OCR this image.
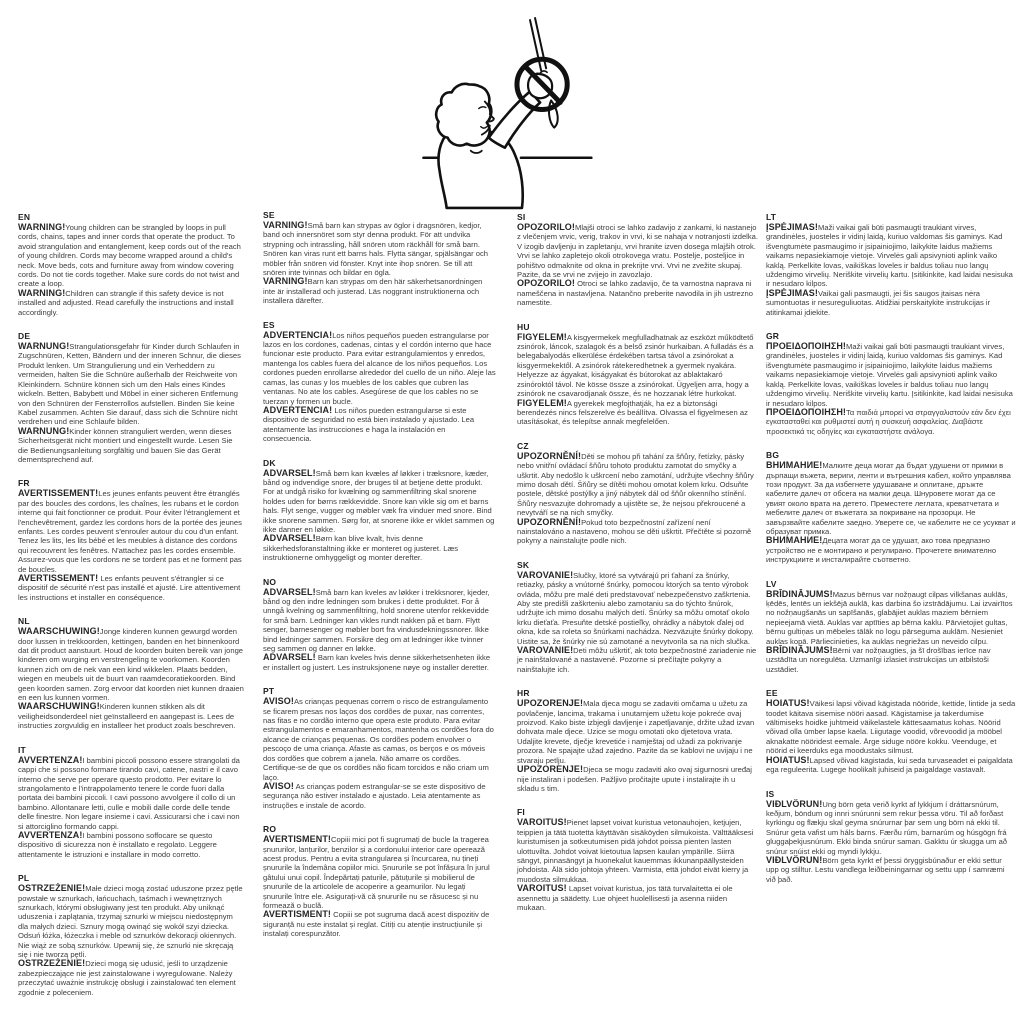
EN

WARNING!Young children can be strangled by loops in pull cords, chains, tapes and inner cords that operate the product. To avoid strangulation and entanglement, keep cords out of the reach of young children. Cords may become wrapped around a child's neck. Move beds, cots and furniture away from window covering cords. Do not tie cords together. Make sure cords do not twist and create a loop.

WARNING!Children can strangle if this safety device is not installed and adjusted. Read carefully the instructions and install accordingly.

DE

WARNUNG!Strangulationsgefahr für Kinder durch Schlaufen in Zugschnüren, Ketten, Bändern und der inneren Schnur, die dieses Produkt lenken. Um Strangulierung und ein Verheddern zu vermeiden, halten Sie die Schnüre außerhalb der Reichweite von Kleinkindern. Schnüre können sich um den Hals eines Kindes wickeln. Betten, Babybett und Möbel in einer sicheren Entfernung von den Schnüren der Fensterrollos aufstellen. Binden Sie keine Kabel zusammen. Achten Sie darauf, dass sich die Schnüre nicht verdrehen und eine Schlaufe bilden.

WARNUNG!Kinder können stranguliert werden, wenn dieses Sicherheitsgerät nicht montiert und eingestellt wurde. Lesen Sie die Bedienungsanleitung sorgfältig und bauen Sie das Gerät dementsprechend auf.

FR

AVERTISSEMENT!Les jeunes enfants peuvent être étranglés par des boucles des cordons, les chaînes, les rubans et le cordon interne qui fait fonctionner ce produit. Pour éviter l'étranglement et l'enchevêtrement, gardez les cordons hors de la portée des jeunes enfants. Les cordes peuvent s'enrouler autour du cou d'un enfant. Tenez les lits, les lits bébé et les meubles à distance des cordons qui recouvrent les fenêtres. N'attachez pas les cordes ensemble. Assurez-vous que les cordons ne se tordent pas et ne forment pas de boucles.

AVERTISSEMENT! Les enfants peuvent s'étrangler si ce dispositif de sécurité n'est pas installé et ajusté. Lire attentivement les instructions et installer en conséquence.

NL

WAARSCHUWING!Jonge kinderen kunnen gewurgd worden door lussen in trekkoorden, kettingen, banden en het binnenkoord dat dit product aanstuurt. Houd de koorden buiten bereik van jonge kinderen om wurging en verstrengeling te voorkomen. Koorden kunnen zich om de nek van een kind wikkelen. Plaats bedden, wiegen en meubels uit de buurt van raamdecoratiekoorden. Bind geen koorden samen. Zorg ervoor dat koorden niet kunnen draaien en een lus kunnen vormen.

WAARSCHUWING!Kinderen kunnen stikken als dit veiligheidsonderdeel niet geïnstalleerd en aangepast is. Lees de instructies zorgvuldig en installeer het product zoals beschreven.

IT

AVVERTENZA!I bambini piccoli possono essere strangolati da cappi che si possono formare tirando cavi, catene, nastri e il cavo interno che serve per operare questo prodotto. Per evitare lo strangolamento e l'intrappolamento tenere le corde fuori dalla portata dei bambini piccoli. I cavi possono avvolgere il collo di un bambino. Allontanare letti, culle e mobili dalle corde delle tende delle finestre. Non legare insieme i cavi. Assicurarsi che i cavi non si attorciglino formando cappi.

AVVERTENZA!I bambini possono soffocare se questo dispositivo di sicurezza non è installato e regolato. Leggere attentamente le istruzioni e installare in modo corretto.

PL

OSTRZEŻENIE!Małe dzieci mogą zostać uduszone przez pętle powstałe w sznurkach, łańcuchach, taśmach i wewnętrznych sznurkach, którymi obsługiwany jest ten produkt. Aby uniknąć uduszenia i zaplątania, trzymaj sznurki w miejscu niedostępnym dla małych dzieci. Sznury mogą owinąć się wokół szyi dziecka. Odsuń łóżka, łóżeczka i meble od sznurków dekoracji okiennych. Nie wiąż ze sobą sznurków. Upewnij się, że sznurki nie skręcają się i nie tworzą pętli.

OSTRZEŻENIE!Dzieci mogą się udusić, jeśli to urządzenie zabezpieczające nie jest zainstalowane i wyregulowane. Należy przeczytać uważnie instrukcję obsługi i zainstalować ten element zgodnie z poleceniem.

SE

VARNING!Små barn kan strypas av öglor i dragsnören, kedjor, band och innersnöret som styr denna produkt. För att undvika strypning och intrassling, håll snören utom räckhåll för små barn. Snören kan viras runt ett barns hals. Flytta sängar, spjälsängar och möbler från snören vid fönster. Knyt inte ihop snören. Se till att snören inte tvinnas och bildar en ögla.

VARNING!Barn kan strypas om den här säkerhetsanordningen inte är installerad och justerad. Läs noggrant instruktionerna och installera därefter.

ES

ADVERTENCIA!Los niños pequeños pueden estrangularse por lazos en los cordones, cadenas, cintas y el cordón interno que hace funcionar este producto. Para evitar estrangulamientos y enredos, mantenga los cables fuera del alcance de los niños pequeños. Los cordones pueden enrollarse alrededor del cuello de un niño. Aleje las camas, las cunas y los muebles de los cables que cubren las ventanas. No ate los cables. Asegúrese de que los cables no se tuerzan y formen un bucle.

ADVERTENCIA! Los niños pueden estrangularse si este dispositivo de seguridad no está bien instalado y ajustado. Lea atentamente las instrucciones e haga la instalación en consecuencia.

DK

ADVARSEL!Små børn kan kvæles af løkker i træksnore, kæder, bånd og indvendige snore, der bruges til at betjene dette produkt. For at undgå risiko for kvælning og sammenfiltring skal snorene holdes uden for børns rækkevidde. Snore kan vikle sig om et barns hals. Flyt senge, vugger og møbler væk fra vinduer med snore. Bind ikke snorene sammen. Sørg for, at snorene ikke er viklet sammen og ikke danner en løkke.

ADVARSEL!Børn kan blive kvalt, hvis denne sikkerhedsforanstaltning ikke er monteret og justeret. Læs instruktionerne omhyggeligt og monter derefter.

NO

ADVARSEL!Små barn kan kveles av løkker i trekksnorer, kjeder, bånd og den indre ledningen som brukes i dette produktet. For å unngå kvelning og sammenfiltring, hold snorene utenfor rekkevidde for små barn. Ledninger kan vikles rundt nakken på et barn. Flytt senger, barnesenger og møbler bort fra vindusdekningssnorer. Ikke bind ledninger sammen. Forsikre deg om at ledninger ikke tvinner seg sammen og danner en løkke.

ADVARSEL! Barn kan kveles hvis denne sikkerhetsenheten ikke er installert og justert. Les instruksjonene nøye og installer deretter.

PT

AVISO!As crianças pequenas correm o risco de estrangulamento se ficarem presas nos laços dos cordões de puxar, nas correntes, nas fitas e no cordão interno que opera este produto. Para evitar estrangulamentos e emaranhamentos, mantenha os cordões fora do alcance de crianças pequenas. Os cordões podem envolver o pescoço de uma criança. Afaste as camas, os berços e os móveis dos cordões que cobrem a janela. Não amarre os cordões. Certifique-se de que os cordões não ficam torcidos e não criam um laço.

AVISO! As crianças podem estrangular-se se este dispositivo de segurança não estiver instalado e ajustado. Leia atentamente as instruções e instale de acordo.

RO

AVERTISMENT!Copiii mici pot fi sugrumați de bucle la tragerea șnururilor, lanțurilor, benzilor și a cordonului interior care operează acest produs. Pentru a evita strangularea și încurcarea, nu țineți șnururile la îndemâna copiilor mici. Șnururile se pot înfășura în jurul gâtului unui copil. Îndepărtați paturile, pătuțurile și mobilierul de șnururile de la articolele de acoperire a geamurilor. Nu legați șnururile între ele. Asigurați-vă că șnururile nu se răsucesc și nu formează o buclă.

AVERTISMENT! Copiii se pot sugruma dacă acest dispozitiv de siguranță nu este instalat și reglat. Citiți cu atenție instrucțiunile și instalați corespunzător.

SI

OPOZORILO!Mlajši otroci se lahko zadavijo z zankami, ki nastanejo z vlečenjem vrvic, verig, trakov in vrvi, ki se nahaja v notranjosti izdelka. V izogib davljenju in zapletanju, vrvi hranite izven dosega mlajših otrok. Vrvi se lahko zapletejo okoli otrokovega vratu. Postelje, posteljice in pohištvo odmaknite od okna in prekrijte vrvi. Vrvi ne zvežite skupaj. Pazite, da se vrvi ne zvijejo in zavozlajo.

OPOZORILO! Otroci se lahko zadavijo, če ta varnostna naprava ni nameščena in nastavljena. Natančno preberite navodila in jih ustrezno namestite.

HU

FIGYELEM!A kisgyermekek megfulladhatnak az eszközt működtető zsinórok, láncok, szalagok és a belső zsinór hurkaiban. A fulladás és a belegabalyodás elkerülése érdekében tartsa távol a zsinórokat a kisgyermekektől. A zsinórok rátekeredhetnek a gyermek nyakára. Helyezze az ágyakat, kiságyakat és bútorokat az ablaktakaró zsinóroktól távol. Ne kösse össze a zsinórokat. Ügyeljen arra, hogy a zsinórok ne csavarodjanak össze, és ne hozzanak létre hurkokat.

FIGYELEM!A gyerekek megfojthatják, ha ez a biztonsági berendezés nincs felszerelve és beállítva. Olvassa el figyelmesen az utasításokat, és telepítse annak megfelelően.

CZ

UPOZORNĚNÍ!Děti se mohou při tahání za šňůry, řetízky, pásky nebo vnitřní ovládací šňůru tohoto produktu zamotat do smyčky a uškrtit. Aby nedošlo k uškrcení nebo zamotání, udržujte všechny šňůry mimo dosah dětí. Šňůry se dítěti mohou omotat kolem krku. Odsuňte postele, dětské postýlky a jiný nábytek dál od šňůr okenního stínění. Šňůry nesvazujte dohromady a ujistěte se, že nejsou překroucené a nevytváří se na nich smyčky.

UPOZORNĚNÍ!Pokud toto bezpečnostní zařízení není nainstalováno a nastaveno, mohou se děti uškrtit. Přečtěte si pozorně pokyny a nainstalujte podle nich.

SK

VAROVANIE!Slučky, ktoré sa vytvárajú pri ťahaní za šnúrky, retiazky, pásky a vnútorné šnúrky, pomocou ktorých sa tento výrobok ovláda, môžu pre malé deti predstavovať nebezpečenstvo zaškrtenia. Aby ste predišli zaškrteniu alebo zamotaniu sa do týchto šnúrok, udržujte ich mimo dosahu malých detí. Šnúrky sa môžu omotať okolo krku dieťaťa. Presuňte detské postieľky, ohrádky a nábytok ďalej od okna, kde sa roleta so šnúrkami nachádza. Nezväzujte šnúrky dokopy. Uistite sa, že šnúrky nie sú zamotané a nevytvorila sa na nich slučka.

VAROVANIE!Deti môžu uškrtiť, ak toto bezpečnostné zariadenie nie je nainštalované a nastavené. Pozorne si prečítajte pokyny a nainštalujte ich.

HR

UPOZORENJE!Mala djeca mogu se zadaviti omčama u užetu za povlačenje, lancima, trakama i unutarnjem užetu koje pokreće ovaj proizvod. Kako biste izbjegli davljenje i zapetljavanje, držite užad izvan dohvata male djece. Uzice se mogu omotati oko djetetova vrata. Udaljite krevete, dječje krevetiće i namještaj od užadi za pokrivanje prozora. Ne spajajte užad zajedno. Pazite da se kablovi ne uvijaju i ne stvaraju petlju.

UPOZORENJE!Djeca se mogu zadaviti ako ovaj sigurnosni uređaj nije instaliran i podešen. Pažljivo pročitajte upute i instalirajte ih u skladu s tim.

FI

VAROITUS!Pienet lapset voivat kuristua vetonauhojen, ketjujen, teippien ja tätä tuotetta käyttävän sisäköyden silmukoista. Välttääksesi kuristumisen ja sotkeutumisen pidä johdot poissa pienten lasten ulottuvilta. Johdot voivat kietoutua lapsen kaulan ympärille. Siirrä sängyt, pinnasängyt ja huonekalut kauemmas ikkunanpäällysteiden johdoista. Älä sido johtoja yhteen. Varmista, että johdot eivät kierry ja muodosta silmukkaa.

VAROITUS! Lapset voivat kuristua, jos tätä turvalaitetta ei ole asennettu ja säädetty. Lue ohjeet huolellisesti ja asenna niiden mukaan.

LT

ĮSPĖJIMAS!Maži vaikai gali būti pasmaugti traukiant virves, grandinėles, juosteles ir vidinį laidą, kuriuo valdomas šis gaminys. Kad išvengtumėte pasmaugimo ir įsipainiojimo, laikykite laidus mažiems vaikams nepasiekiamoje vietoje. Virvelės gali apsivynioti aplink vaiko kaklą. Perkelkite lovas, vaikiškas loveles ir baldus toliau nuo langų uždengimo virvelių. Neriškite virvelių kartu. Įsitikinkite, kad laidai nesisuka ir nesudaro kilpos.

ĮSPĖJIMAS!Vaikai gali pasmaugti, jei šis saugos įtaisas nėra sumontuotas ir nesureguliuotas. Atidžiai perskaitykite instrukcijas ir atitinkamai įdiekite.

GR

ΠΡΟΕΙΔΟΠΟΙΗΣΗ!Maži vaikai gali būti pasmaugti traukiant virves, grandinėles, juosteles ir vidinį laidą, kuriuo valdomas šis gaminys. Kad išvengtumėte pasmaugimo ir įsipainiojimo, laikykite laidus mažiems vaikams nepasiekiamoje vietoje. Virvelės gali apsivynioti aplink vaiko kaklą. Perkelkite lovas, vaikiškas loveles ir baldus toliau nuo langų uždengimo virvelių. Neriškite virvelių kartu. Įsitikinkite, kad laidai nesisuka ir nesudaro kilpos.

ΠΡΟΕΙΔΟΠΟΙΗΣΗ!Τα παιδιά μπορεί να στραγγαλιστούν εάν δεν έχει εγκατασταθεί και ρυθμιστεί αυτή η συσκευή ασφαλείας. Διαβάστε προσεκτικά τις οδηγίες και εγκαταστήστε ανάλογα.

BG

ВНИМАНИЕ!Малките деца могат да бъдат удушени от примки в дърпащи въжета, вериги, ленти и вътрешния кабел, който управлява този продукт. За да избегнете удушаване и оплитане, дръжте кабелите далеч от обсега на малки деца. Шнуровете могат да се увият около врата на детето. Преместете леглата, креватчетата и мебелите далеч от въжетата за покриване на прозорци. Не завързвайте кабелите заедно. Уверете се, че кабелите не се усукват и образуват примка.

ВНИМАНИЕ!Децата могат да се удушат, ако това предпазно устройство не е монтирано и регулирано. Прочетете внимателно инструкциите и инсталирайте съответно.

LV

BRĪDINĀJUMS!Mazus bērnus var nožņaugt cilpas vilkšanas auklās, ķēdēs, lentēs un iekšējā auklā, kas darbina šo izstrādājumu. Lai izvairītos no nožņaugšanās un sapīšanās, glabājiet auklas maziem bērniem nepieejamā vietā. Auklas var aptīties ap bērna kaklu. Pārvietojiet gultas, bērnu gultiņas un mēbeles tālāk no logu pārseguma auklām. Nesieniet auklas kopā. Pārliecinieties, ka auklas negriežas un neveido cilpu.

BRĪDINĀJUMS!Bērni var nožņaugties, ja šī drošības ierīce nav uzstādīta un noregulēta. Uzmanīgi izlasiet instrukcijas un atbilstoši uzstādiet.

EE

HOIATUS!Väikesi lapsi võivad kägistada nööride, kettide, lintide ja seda toodet käitava sisemise nööri aasad. Kägistamise ja takerdumise vältimiseks hoidke juhtmeid väikelastele kättesaamatus kohas. Nöörid võivad olla ümber lapse kaela. Liigutage voodid, võrevoodid ja mööbel aknakatte nööridest eemale. Ärge siduge nööre kokku. Veenduge, et nöörid ei keerduks ega moodustaks silmust.

HOIATUS!Lapsed võivad kägistada, kui seda turvaseadet ei paigaldata ega reguleerita. Lugege hoolikalt juhiseid ja paigaldage vastavalt.

IS

VIÐLVÖRUN!Ung börn geta verið kyrkt af lykkjum í dráttarsnúrum, keðjum, böndum og innri snúrunni sem rekur þessa vöru. Til að forðast kyrkingu og flækju skal geyma snúrurnar þar sem ung börn ná ekki til. Snúrur geta vafist um háls barns. Færðu rúm, barnarúm og húsgögn frá gluggaþekjusnúrum. Ekki binda snúrur saman. Gakktu úr skugga um að snúrur snúist ekki og myndi lykkju.

VIÐLVÖRUN!Börn geta kyrkt ef þessi öryggisbúnaður er ekki settur upp og stilltur. Lestu vandlega leiðbeiningarnar og settu upp í samræmi við það.
